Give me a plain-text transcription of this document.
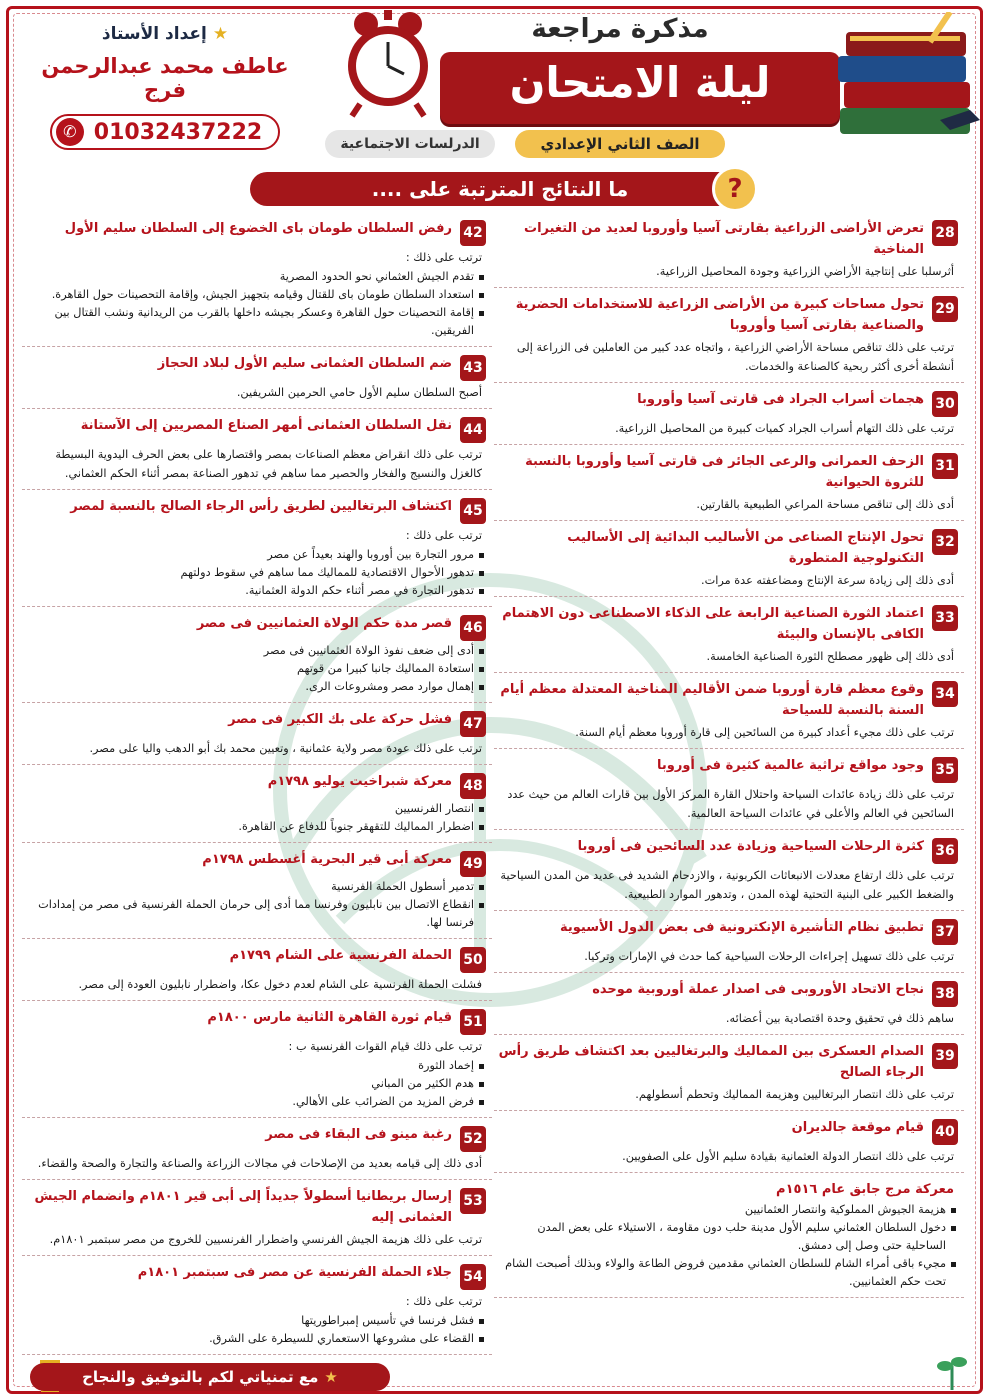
مذكرة مراجعة
ليلة الامتحان
الصف الثاني الإعدادي
الدرلسات الاجتماعية
★إعداد الأستاذ
عاطف محمد عبدالرحمن فرج
✆ 01032437222
ما النتائج المترتبة على ....	?
28
تعرض الأراضى الزراعية بقارتى آسيا وأوروبا لعديد من التغيرات المناخية
أثرسلبا على إنتاجية الأراضي الزراعية وجودة المحاصيل الزراعية.
29
تحول مساحات كبيرة من الأراضى الزراعية للاستخدامات الحضرية والصناعية بقارتى آسيا وأوروبا
ترتب على ذلك تناقص مساحة الأراضي الزراعية ، واتجاه عدد كبير من العاملين فى الزراعة إلى أنشطة أخرى أكثر ربحية كالصناعة والخدمات.
30
هجمات أسراب الجراد فى قارتى آسيا وأوروبا
ترتب على ذلك التهام أسراب الجراد كميات كبيرة من المحاصيل الزراعية.
31
الزحف العمرانى والرعى الجائر فى قارتى آسيا وأوروبا بالنسبة للثروة الحيوانية
أدى ذلك إلى تناقص مساحة المراعي الطبيعية بالقارتين.
32
تحول الإنتاج الصناعى من الأساليب البدائية إلى الأساليب التكنولوجية المتطورة
أدى ذلك إلى زيادة سرعة الإنتاج ومضاعفته عدة مرات.
33
اعتماد الثورة الصناعية الرابعة على الذكاء الاصطناعى دون الاهتمام الكافى بالإنسان والبيئة
أدى ذلك إلى ظهور مصطلح الثورة الصناعية الخامسة.
34
وقوع معظم قارة أوروبا ضمن الأقاليم المناخية المعتدلة معظم أيام السنة بالنسبة للسياحة
ترتب على ذلك مجيء أعداد كبيرة من السائحين إلى قارة أوروبا معظم أيام السنة.
35
وجود مواقع تراثية عالمية كثيرة فى أوروبا
ترتب على ذلك زيادة عائدات السياحة واحتلال القارة المركز الأول بين قارات العالم من حيث عدد السائحين في العالم والأعلى في عائدات السياحة العالمية.
36
كثرة الرحلات السياحية وزيادة عدد السائحين فى أوروبا
ترتب على ذلك ارتفاع معدلات الانبعاثات الكربونية ، والازدحام الشديد فى عديد من المدن السياحية والضغط الكبير على البنية التحتية لهذه المدن ، وتدهور الموارد الطبيعية.
37
تطبيق نظام التأشيرة الإنكترونية فى بعض الدول الأسيوية
ترتب على ذلك تسهيل إجراءات الرحلات السياحية كما حدث في الإمارات وتركيا.
38
نجاح الاتحاد الأوروبى فى اصدار عملة أوروبية موحده
ساهم ذلك في تحقيق وحدة اقتصادية بين أعضائه.
39
الصدام العسكرى بين المماليك والبرتغاليين بعد اكتشاف طريق رأس الرجاء الصالح
ترتب على ذلك انتصار البرتغاليين وهزيمة المماليك وتحطم أسطولهم.
40
قيام موقعة جالديران
ترتب على ذلك انتصار الدولة العثمانية بقيادة سليم الأول على الصفويين.
معركة مرج جابق عام ١٥١٦م
هزيمة الجيوش المملوكية وانتصار العثمانيين
دخول السلطان العثماني سليم الأول مدينة حلب دون مقاومة ، الاستيلاء على بعض المدن الساحلية حتى وصل إلى دمشق.
مجيء باقى أمراء الشام للسلطان العثماني مقدمين فروض الطاعة والولاء وبذلك أصبحت الشام تحت حكم العثمانيين.
42
رفض السلطان طومان باى الخضوع إلى السلطان سليم الأول
ترتب على ذلك :
تقدم الجيش العثماني نحو الحدود المصرية
استعداد السلطان طومان باى للقتال وقيامه بتجهيز الجيش، وإقامة التحصينات حول القاهرة.
إقامة التحصينات حول القاهرة وعسكر بجيشه داخلها بالقرب من الريدانية ونشب القتال بين الفريقين.
43
ضم السلطان العثمانى سليم الأول لبلاد الحجاز
أصبح السلطان سليم الأول حامي الحرمين الشريفين.
44
نقل السلطان العثمانى أمهر الصناع المصريين إلى الآستانة
ترتب على ذلك انقراض معظم الصناعات بمصر واقتصارها على بعض الحرف اليدوية البسيطة كالغزل والنسيج والفخار والحصير مما ساهم في تدهور الصناعة بمصر أثناء الحكم العثماني.
45
اكتشاف البرتغاليين لطريق رأس الرجاء الصالح بالنسبة لمصر
ترتب على ذلك :
مرور التجارة بين أوروبا والهند بعيداً عن مصر
تدهور الأحوال الاقتصادية للمماليك مما ساهم في سقوط دولتهم
تدهور التجارة في مصر أثناء حكم الدولة العثمانية.
46
قصر مدة حكم الولاة العثمانيين فى مصر
أدى إلى ضعف نفوذ الولاة العثمانيين فى مصر
استعادة المماليك جانبا كبيرا من قوتهم
إهمال موارد مصر ومشروعات الرى.
47
فشل حركة على بك الكبير فى مصر
ترتب على ذلك عودة مصر ولاية عثمانية ، وتعيين محمد بك أبو الدهب واليا على مصر.
48
معركة شبراخيت يوليو ١٧٩٨م
انتصار الفرنسيين
اضطرار المماليك للتقهقر جنوباً للدفاع عن القاهرة.
49
معركة أبى قير البحرية أغسطس ١٧٩٨م
تدمير أسطول الحملة الفرنسية
انقطاع الاتصال بين نابليون وفرنسا مما أدى إلى حرمان الحملة الفرنسية فى مصر من إمدادات فرنسا لها.
50
الحملة الفرنسية على الشام ١٧٩٩م
فشلت الحملة الفرنسية على الشام لعدم دخول عكا، واضطرار نابليون العودة إلى مصر.
51
قيام ثورة القاهرة الثانية مارس ١٨٠٠م
ترتب على ذلك قيام القوات الفرنسية ب :
إخماد الثورة
هدم الكثير من المباني
فرض المزيد من الضرائب على الأهالي.
52
رغبة مينو فى البقاء فى مصر
أدى ذلك إلى قيامه بعديد من الإصلاحات في مجالات الزراعة والصناعة والتجارة والصحة والقضاء.
53
إرسال بريطانيا أسطولاً جديداً إلى أبى قير ١٨٠١م وانضمام الجيش العثمانى إليه
ترتب على ذلك هزيمة الجيش الفرنسي واضطرار الفرنسيين للخروج من مصر سبتمبر ١٨٠١م.
54
جلاء الحملة الفرنسية عن مصر فى سبتمبر ١٨٠١م
ترتب على ذلك :
فشل فرنسا في تأسيس إمبراطوريتها
القضاء على مشروعها الاستعماري للسيطرة على الشرق.
★مع تمنياتي لكم بالتوفيق والنجاح
